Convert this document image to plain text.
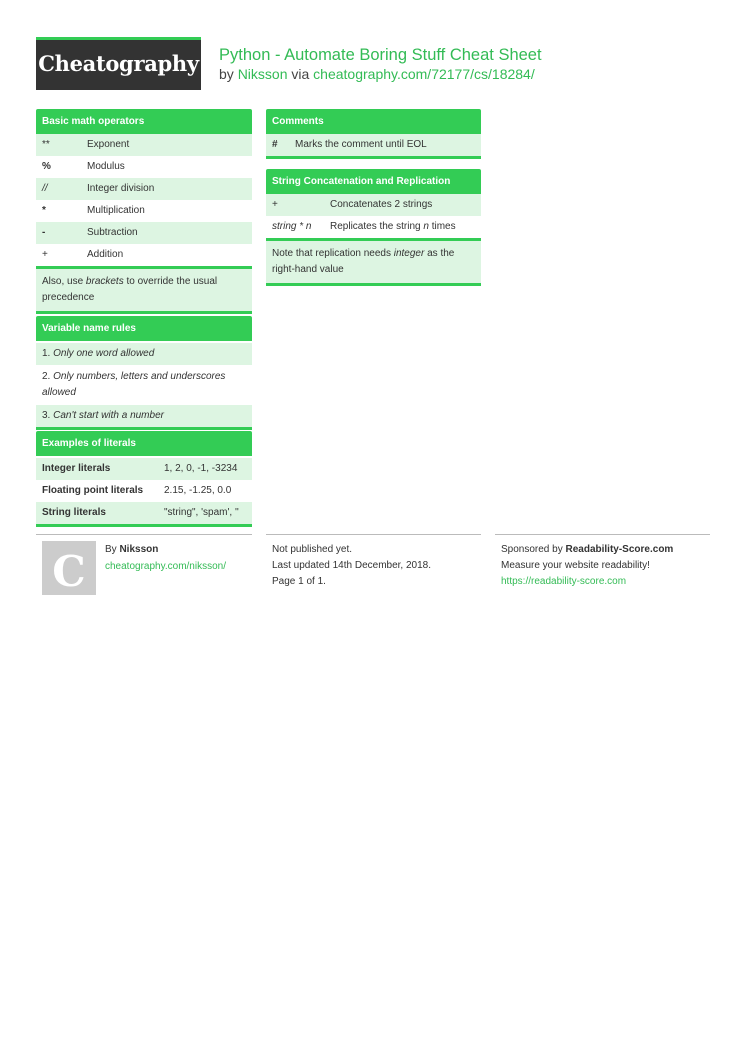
Cheatography Python - Automate Boring Stuff Cheat Sheet
by Niksson via cheatography.com/72177/cs/18284/
Basic math operators
**	Exponent
%	Modulus
//	Integer division
*	Multiplication
-	Subtraction
+	Addition
Also, use brackets to override the usual precedence
Variable name rules
1. Only one word allowed
2. Only numbers, letters and underscores allowed
3. Can't start with a number
Examples of literals
Integer literals	1, 2, 0, -1, -3234
Floating point literals	2.15, -1.25, 0.0
String literals	"string", 'spam', ''
Comments
#	Marks the comment until EOL
String Concatenation and Replication
+	Concatenates 2 strings
string * n	Replicates the string n times
Note that replication needs integer as the right-hand value
C	By Niksson
cheatography.com/niksson/
Not published yet.
Last updated 14th December, 2018.
Page 1 of 1.
Sponsored by Readability-Score.com
Measure your website readability!
https://readability-score.com
